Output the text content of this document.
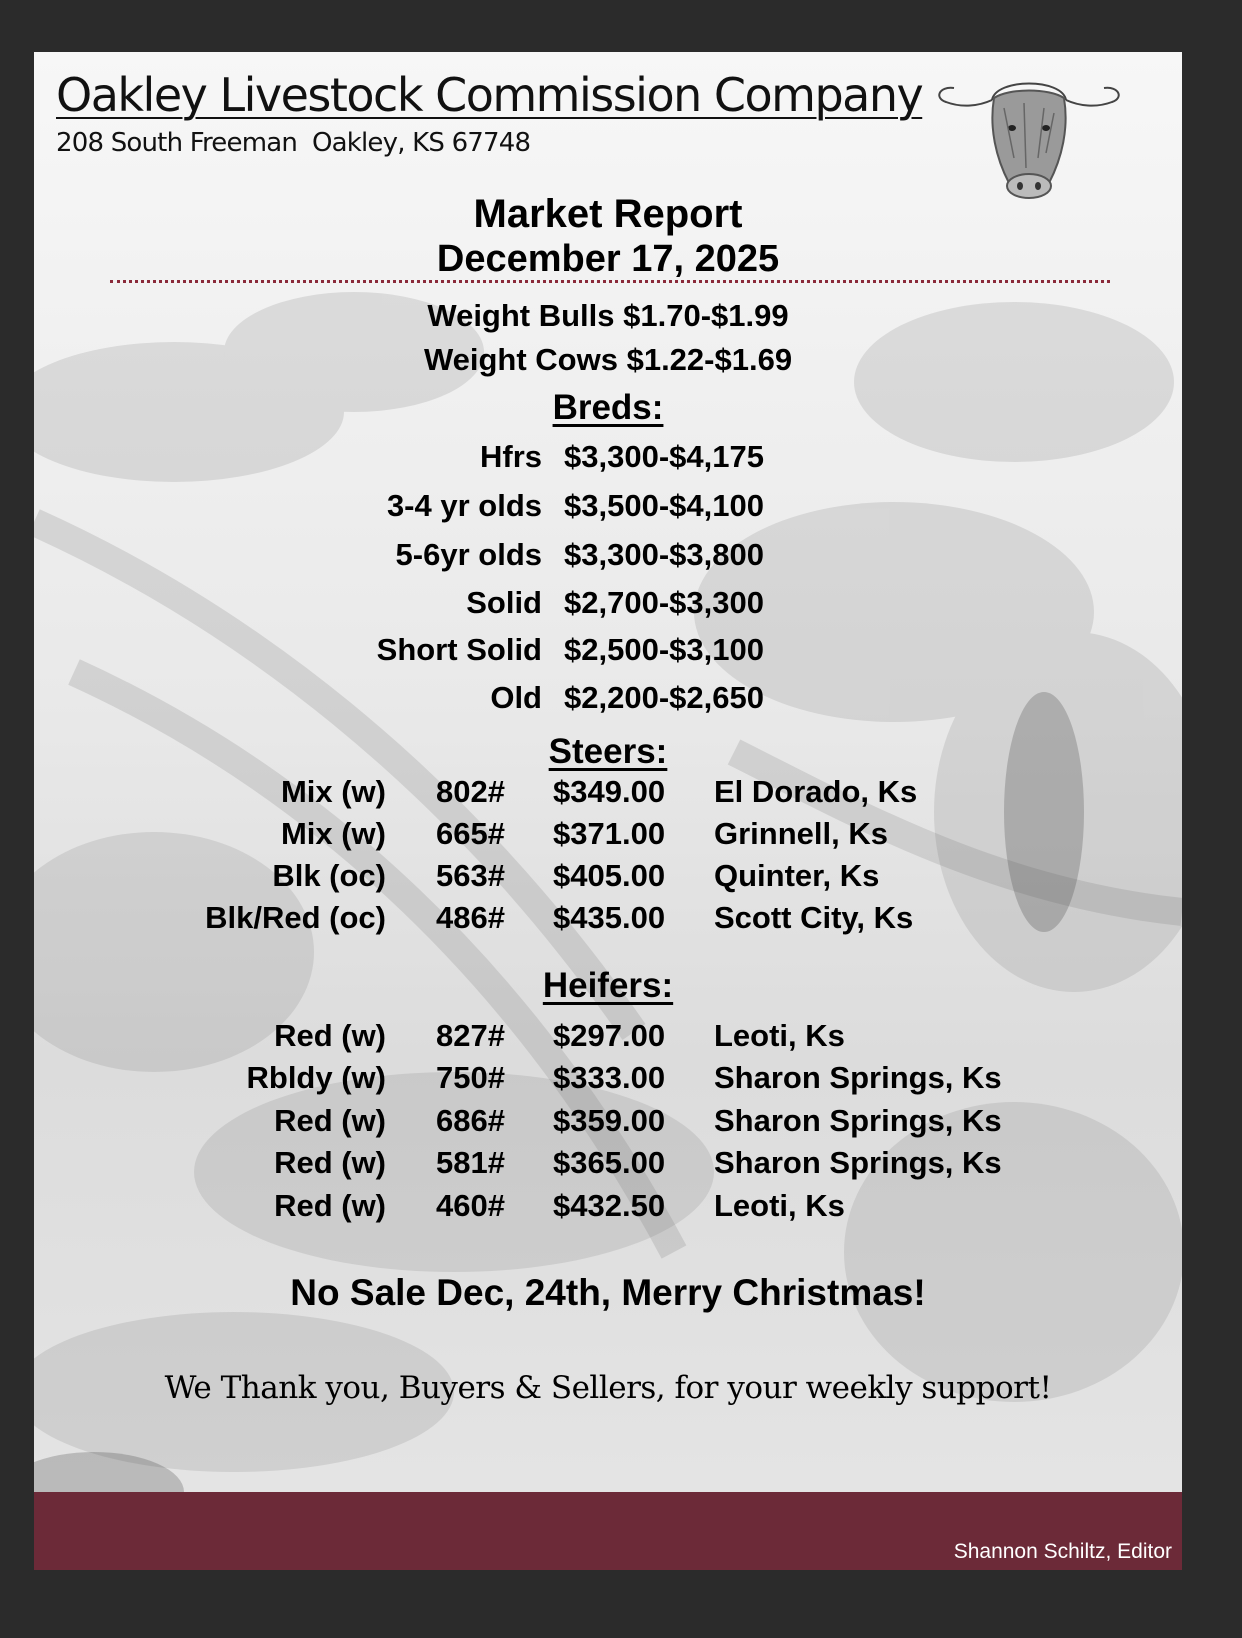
Oakley Livestock Commission Company
208 South Freeman  Oakley, KS 67748
Market Report
December 17, 2025
Weight Bulls $1.70-$1.99
Weight Cows $1.22-$1.69
Breds:
Hfrs $3,300-$4,175
3-4 yr olds $3,500-$4,100
5-6yr olds $3,300-$3,800
Solid $2,700-$3,300
Short Solid $2,500-$3,100
Old $2,200-$2,650
Steers:
Mix (w) 802# $349.00 El Dorado, Ks
Mix (w) 665# $371.00 Grinnell, Ks
Blk (oc) 563# $405.00 Quinter, Ks
Blk/Red (oc) 486# $435.00 Scott City, Ks
Heifers:
Red (w) 827# $297.00 Leoti, Ks
Rbldy (w) 750# $333.00 Sharon Springs, Ks
Red (w) 686# $359.00 Sharon Springs, Ks
Red (w) 581# $365.00 Sharon Springs, Ks
Red (w) 460# $432.50 Leoti, Ks
No Sale Dec, 24th, Merry Christmas!
We Thank you, Buyers & Sellers, for your weekly support!
Shannon Schiltz, Editor
